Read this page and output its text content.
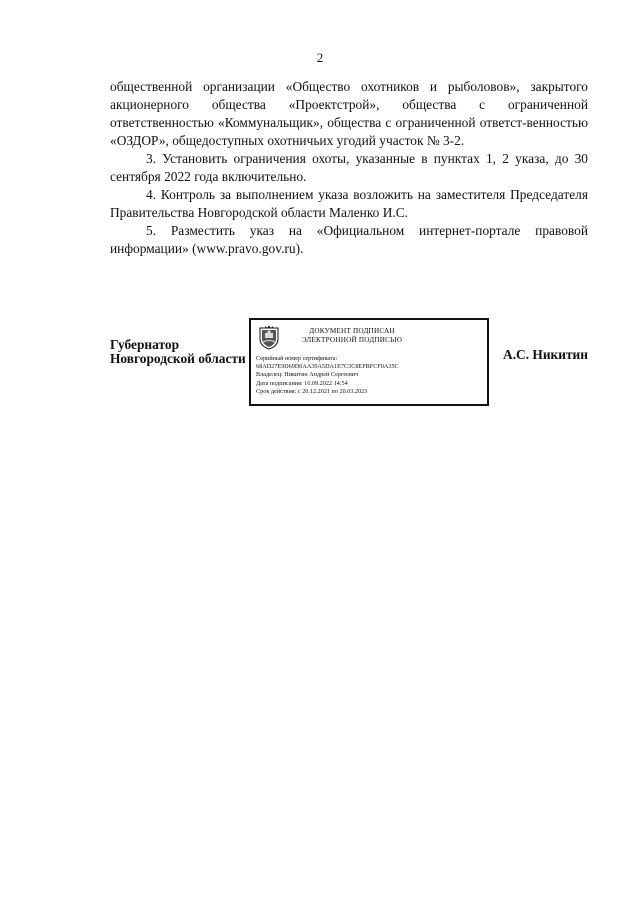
2

общественной организации «Общество охотников и рыболовов», закрытого акционерного общества «Проектстрой», общества с ограниченной ответственностью «Коммунальщик», общества с ограниченной ответст-венностью «ОЗДОР», общедоступных охотничьих угодий участок № 3-2.

3. Установить ограничения охоты, указанные в пунктах 1, 2 указа, до 30 сентября 2022 года включительно.

4. Контроль за выполнением указа возложить на заместителя Председателя Правительства Новгородской области Маленко И.С.

5. Разместить указ на «Официальном интернет-портале правовой информации» (www.pravo.gov.ru).

Губернатор
Новгородской области
ДОКУМЕНТ ПОДПИСАН
ЭЛЕКТРОННОЙ ПОДПИСЬЮ
Серийный номер сертификата:
68AD27E9D69D0AA39A5DA1E7C3C8EFBFCF0A35C
Владелец: Никитин Андрей Сергеевич
Дата подписания: 16.09.2022 14:54
Срок действия: с 20.12.2021 по 20.03.2023
А.С. Никитин
